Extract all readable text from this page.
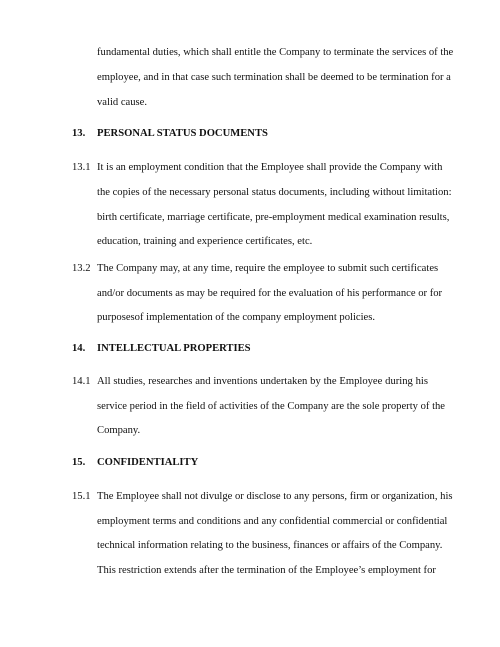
fundamental duties, which shall entitle the Company to terminate the services of the
employee, and in that case such termination shall be deemed to be termination for a
valid cause.
13. PERSONAL STATUS DOCUMENTS
13.1 It is an employment condition that the Employee shall provide the Company with
the copies of the necessary personal status documents, including without limitation:
birth certificate, marriage certificate, pre-employment medical examination results,
education, training and experience certificates, etc.
13.2 The Company may, at any time, require the employee to submit such certificates
and/or documents as may be required for the evaluation of his performance or for
purposesof implementation of the company employment policies.
14. INTELLECTUAL PROPERTIES
14.1 All studies, researches and inventions undertaken by the Employee during his
service period in the field of activities of the Company are the sole property of the
Company.
15. CONFIDENTIALITY
15.1 The Employee shall not divulge or disclose to any persons, firm or organization, his
employment terms and conditions and any confidential commercial or confidential
technical information relating to the business, finances or affairs of the Company.
This restriction extends after the termination of the Employee’s employment for
